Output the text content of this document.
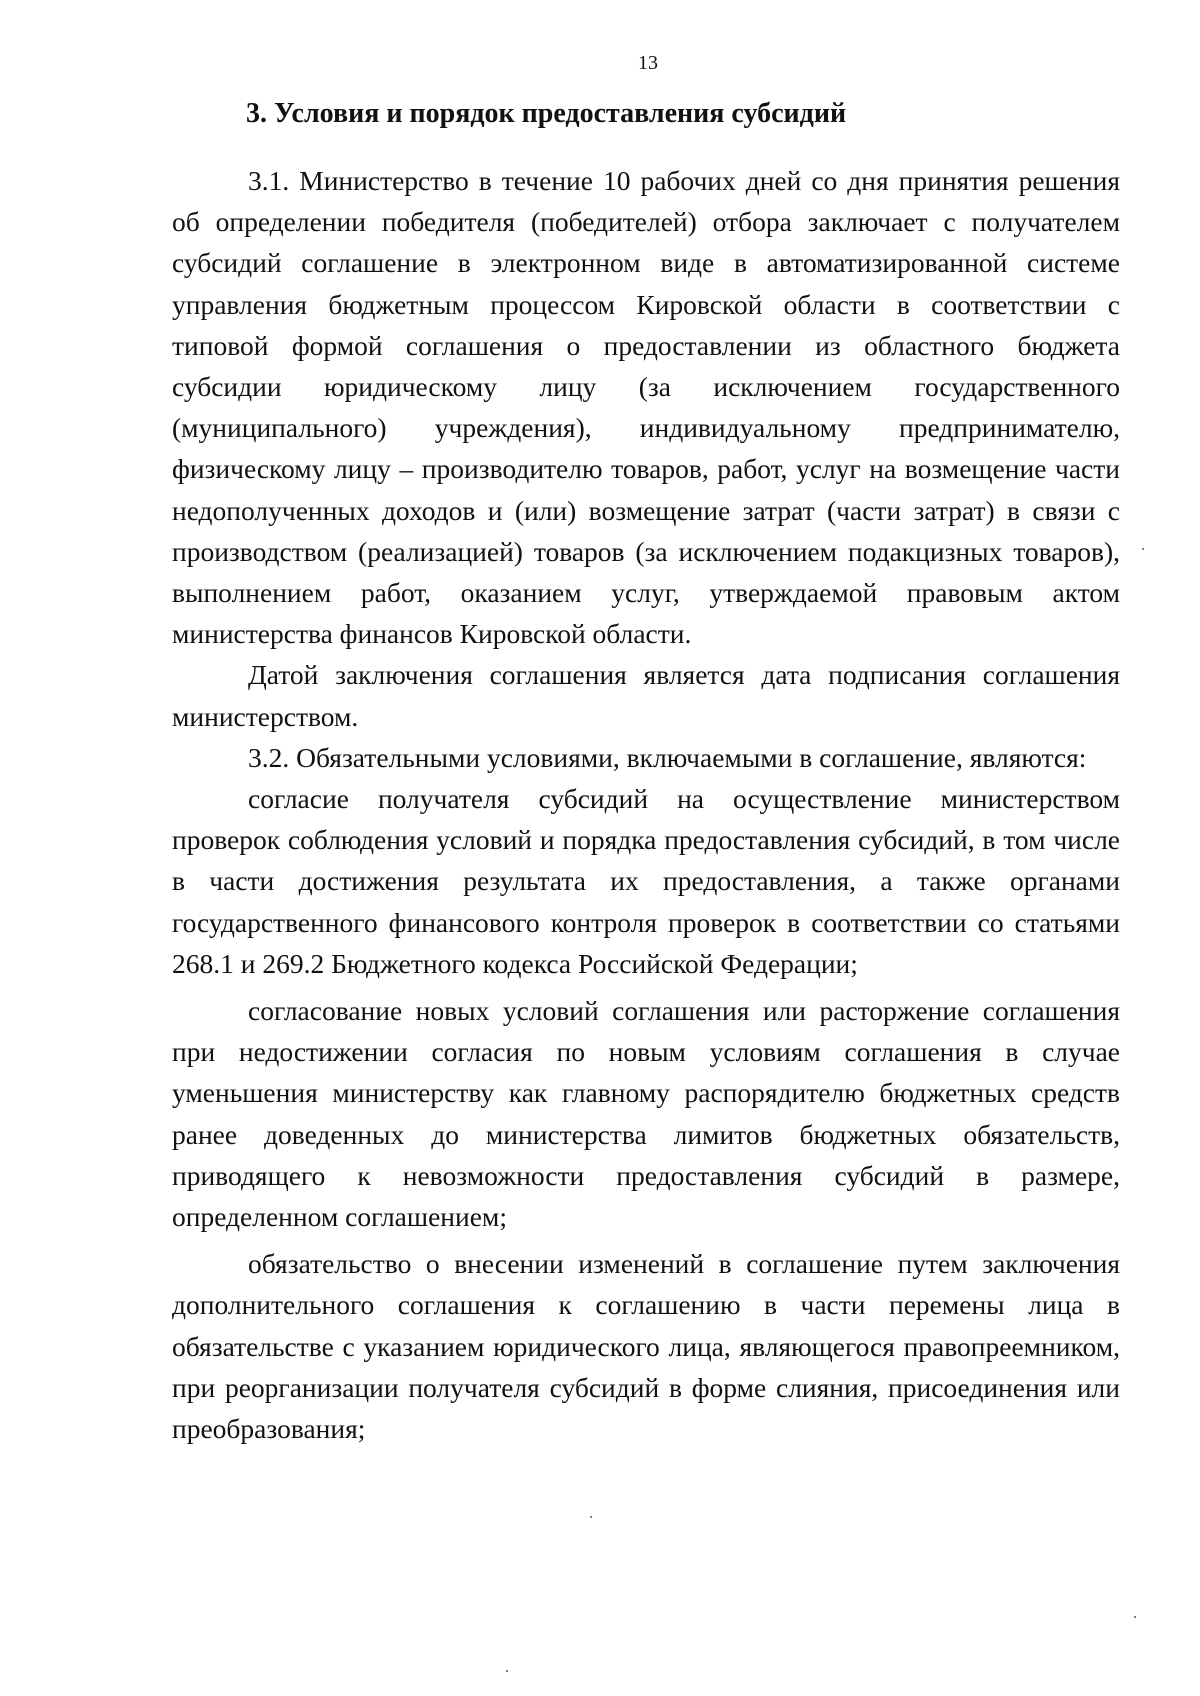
13
3. Условия и порядок предоставления субсидий

3.1. Министерство в течение 10 рабочих дней со дня принятия решения об определении победителя (победителей) отбора заключает с получателем субсидий соглашение в электронном виде в автоматизированной системе управления бюджетным процессом Кировской области в соответствии с типовой формой соглашения о предоставлении из областного бюджета субсидии юридическому лицу (за исключением государственного (муниципального) учреждения), индивидуальному предпринимателю, физическому лицу – производителю товаров, работ, услуг на возмещение части недополученных доходов и (или) возмещение затрат (части затрат) в связи с производством (реализацией) товаров (за исключением подакцизных товаров), выполнением работ, оказанием услуг, утверждаемой правовым актом министерства финансов Кировской области.

Датой заключения соглашения является дата подписания соглашения министерством.

3.2. Обязательными условиями, включаемыми в соглашение, являются:

согласие получателя субсидий на осуществление министерством проверок соблюдения условий и порядка предоставления субсидий, в том числе в части достижения результата их предоставления, а также органами государственного финансового контроля проверок в соответствии со статьями 268.1 и 269.2 Бюджетного кодекса Российской Федерации;

согласование новых условий соглашения или расторжение соглашения при недостижении согласия по новым условиям соглашения в случае уменьшения министерству как главному распорядителю бюджетных средств ранее доведенных до министерства лимитов бюджетных обязательств, приводящего к невозможности предоставления субсидий в размере, определенном соглашением;

обязательство о внесении изменений в соглашение путем заключения дополнительного соглашения к соглашению в части перемены лица в обязательстве с указанием юридического лица, являющегося правопреемником, при реорганизации получателя субсидий в форме слияния, присоединения или преобразования;
